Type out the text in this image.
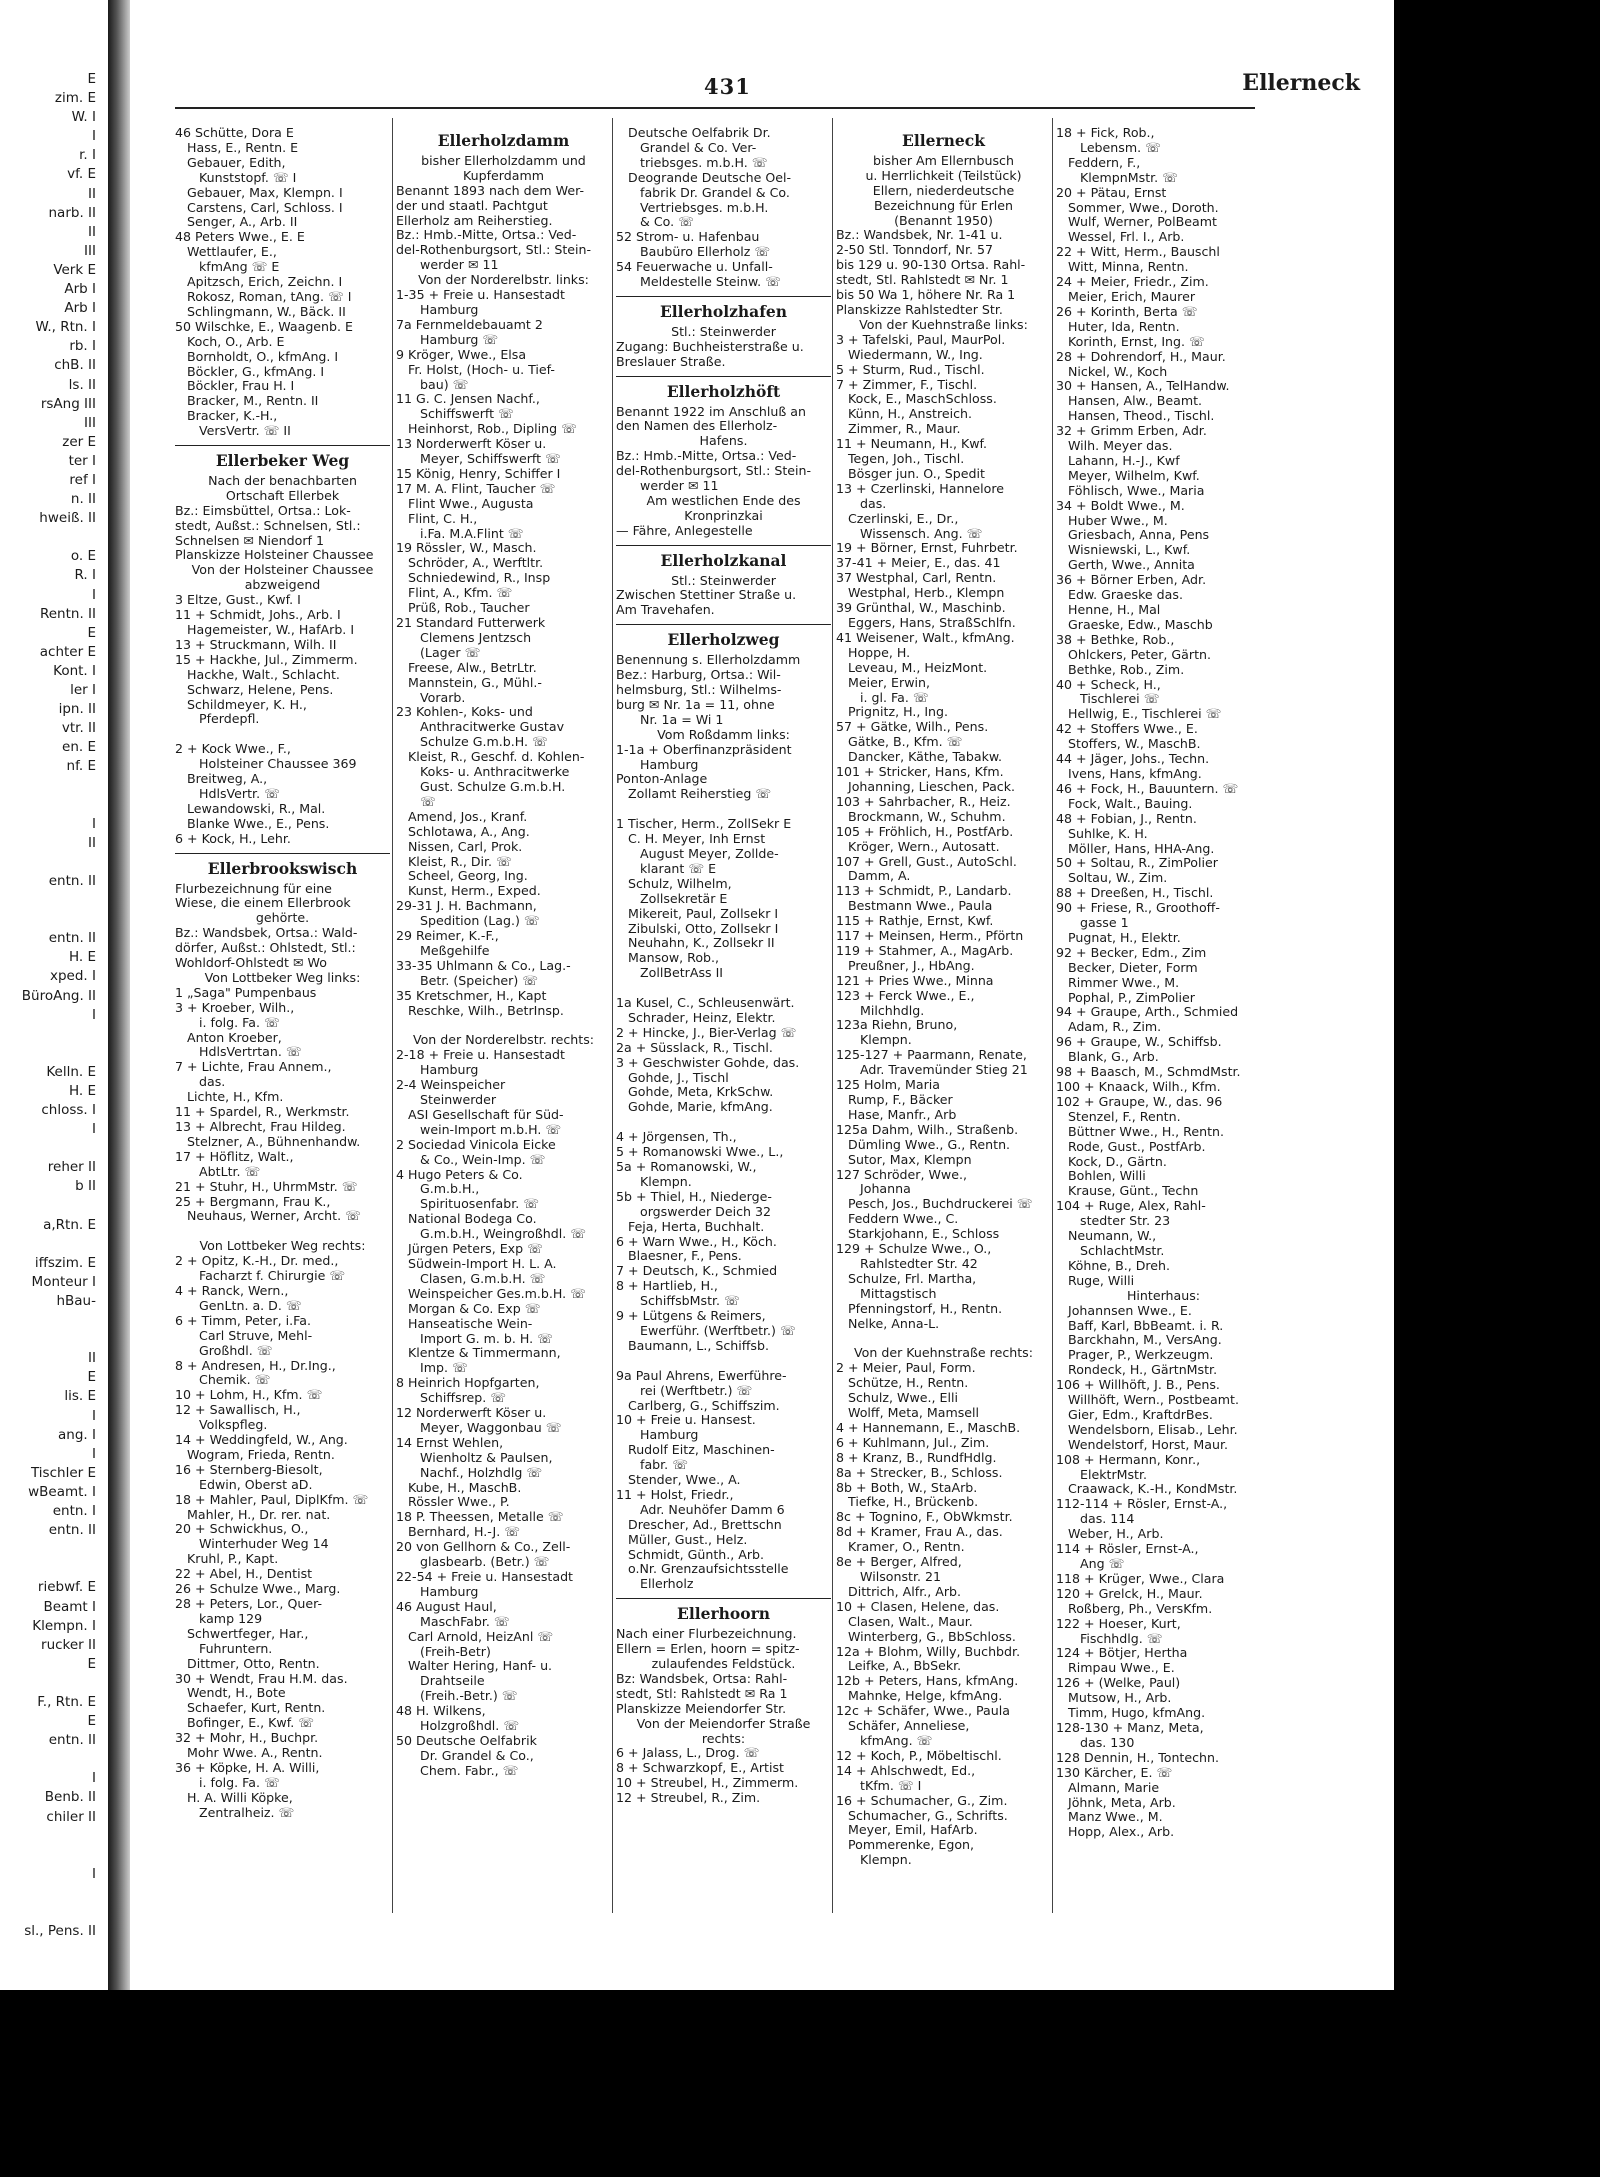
E
zim. E
W. I
I
r. I
vf. E
II
narb. II
II
III
Verk E
Arb I
Arb I
W., Rtn. I
rb. I
chB. II
ls. II
rsAng III
III
zer E
ter I
ref I
n. II
hweiß. II

o. E
R. I
I
Rentn. II
E
achter E
Kont. I
ler I
ipn. II
vtr. II
en. E
nf. E

I
II

entn. II

entn. II
H. E
xped. I
BüroAng. II
I

Kelln. E
H. E
chloss. I
I

reher II
b II

a,Rtn. E

iffszim. E
Monteur I
hBau-

II
E
lis. E
I
ang. I
I
Tischler E
wBeamt. I
entn. I
entn. II

riebwf. E
Beamt I
Klempn. I
rucker II
E

F., Rtn. E
E
entn. II

I
Benb. II
chiler II

I

sl., Pens. II
431	Ellerneck
46 Schütte, Dora E
Hass, E., Rentn. E
Gebauer, Edith,
Kunststopf. ☏ I
Gebauer, Max, Klempn. I
Carstens, Carl, Schloss. I
Senger, A., Arb. II
48 Peters Wwe., E. E
Wettlaufer, E.,
kfmAng ☏ E
Apitzsch, Erich, Zeichn. I
Rokosz, Roman, tAng. ☏ I
Schlingmann, W., Bäck. II
50 Wilschke, E., Waagenb. E
Koch, O., Arb. E
Bornholdt, O., kfmAng. I
Böckler, G., kfmAng. I
Böckler, Frau H. I
Bracker, M., Rentn. II
Bracker, K.-H.,
VersVertr. ☏ II
Ellerbeker Weg
Nach der benachbarten
Ortschaft Ellerbek
Bz.: Eimsbüttel, Ortsa.: Lok-
stedt, Außst.: Schnelsen, Stl.:
Schnelsen ✉ Niendorf 1
Planskizze Holsteiner Chaussee
Von der Holsteiner Chaussee
abzweigend
3 Eltze, Gust., Kwf. I
11 + Schmidt, Johs., Arb. I
Hagemeister, W., HafArb. I
13 + Struckmann, Wilh. II
15 + Hackhe, Jul., Zimmerm.
Hackhe, Walt., Schlacht.
Schwarz, Helene, Pens.
Schildmeyer, K. H.,
Pferdepfl.

2 + Kock Wwe., F.,
Holsteiner Chaussee 369
Breitweg, A.,
HdlsVertr. ☏
Lewandowski, R., Mal.
Blanke Wwe., E., Pens.
6 + Kock, H., Lehr.
Ellerbrookswisch
Flurbezeichnung für eine
Wiese, die einem Ellerbrook
gehörte.
Bz.: Wandsbek, Ortsa.: Wald-
dörfer, Außst.: Ohlstedt, Stl.:
Wohldorf-Ohlstedt ✉ Wo
Von Lottbeker Weg links:
1 „Saga" Pumpenbaus
3 + Kroeber, Wilh.,
i. folg. Fa. ☏
Anton Kroeber,
HdlsVertrtan. ☏
7 + Lichte, Frau Annem.,
das.
Lichte, H., Kfm.
11 + Spardel, R., Werkmstr.
13 + Albrecht, Frau Hildeg.
Stelzner, A., Bühnenhandw.
17 + Höflitz, Walt.,
AbtLtr. ☏
21 + Stuhr, H., UhrmMstr. ☏
25 + Bergmann, Frau K.,
Neuhaus, Werner, Archt. ☏

Von Lottbeker Weg rechts:
2 + Opitz, K.-H., Dr. med.,
Facharzt f. Chirurgie ☏
4 + Ranck, Wern.,
GenLtn. a. D. ☏
6 + Timm, Peter, i.Fa.
Carl Struve, Mehl-
Großhdl. ☏
8 + Andresen, H., Dr.Ing.,
Chemik. ☏
10 + Lohm, H., Kfm. ☏
12 + Sawallisch, H.,
Volkspfleg.
14 + Weddingfeld, W., Ang.
Wogram, Frieda, Rentn.
16 + Sternberg-Biesolt,
Edwin, Oberst aD.
18 + Mahler, Paul, DiplKfm. ☏
Mahler, H., Dr. rer. nat.
20 + Schwickhus, O.,
Winterhuder Weg 14
Kruhl, P., Kapt.
22 + Abel, H., Dentist
26 + Schulze Wwe., Marg.
28 + Peters, Lor., Quer-
kamp 129
Schwertfeger, Har.,
Fuhruntern.
Dittmer, Otto, Rentn.
30 + Wendt, Frau H.M. das.
Wendt, H., Bote
Schaefer, Kurt, Rentn.
Bofinger, E., Kwf. ☏
32 + Mohr, H., Buchpr.
Mohr Wwe. A., Rentn.
36 + Köpke, H. A. Willi,
i. folg. Fa. ☏
H. A. Willi Köpke,
Zentralheiz. ☏
Ellerholzdamm
bisher Ellerholzdamm und
Kupferdamm
Benannt 1893 nach dem Wer-
der und staatl. Pachtgut
Ellerholz am Reiherstieg.
Bz.: Hmb.-Mitte, Ortsa.: Ved-
del-Rothenburgsort, Stl.: Stein-
werder ✉ 11
Von der Norderelbstr. links:
1-35 + Freie u. Hansestadt
Hamburg
7a Fernmeldebauamt 2
Hamburg ☏
9 Kröger, Wwe., Elsa
Fr. Holst, (Hoch- u. Tief-
bau) ☏
11 G. C. Jensen Nachf.,
Schiffswerft ☏
Heinhorst, Rob., Dipling ☏
13 Norderwerft Köser u.
Meyer, Schiffswerft ☏
15 König, Henry, Schiffer I
17 M. A. Flint, Taucher ☏
Flint Wwe., Augusta
Flint, C. H.,
i.Fa. M.A.Flint ☏
19 Rössler, W., Masch.
Schröder, A., Werftltr.
Schniedewind, R., Insp
Flint, A., Kfm. ☏
Prüß, Rob., Taucher
21 Standard Futterwerk
Clemens Jentzsch
(Lager ☏
Freese, Alw., BetrLtr.
Mannstein, G., Mühl.-
Vorarb.
23 Kohlen-, Koks- und
Anthracitwerke Gustav
Schulze G.m.b.H. ☏
Kleist, R., Geschf. d. Kohlen-
Koks- u. Anthracitwerke
Gust. Schulze G.m.b.H.
☏
Amend, Jos., Kranf.
Schlotawa, A., Ang.
Nissen, Carl, Prok.
Kleist, R., Dir. ☏
Scheel, Georg, Ing.
Kunst, Herm., Exped.
29-31 J. H. Bachmann,
Spedition (Lag.) ☏
29 Reimer, K.-F.,
Meßgehilfe
33-35 Uhlmann & Co., Lag.-
Betr. (Speicher) ☏
35 Kretschmer, H., Kapt
Reschke, Wilh., BetrInsp.

Von der Norderelbstr. rechts:
2-18 + Freie u. Hansestadt
Hamburg
2-4 Weinspeicher
Steinwerder
ASI Gesellschaft für Süd-
wein-Import m.b.H. ☏
2 Sociedad Vinicola Eicke
& Co., Wein-Imp. ☏
4 Hugo Peters & Co.
G.m.b.H.,
Spirituosenfabr. ☏
National Bodega Co.
G.m.b.H., Weingroßhdl. ☏
Jürgen Peters, Exp ☏
Südwein-Import H. L. A.
Clasen, G.m.b.H. ☏
Weinspeicher Ges.m.b.H. ☏
Morgan & Co. Exp ☏
Hanseatische Wein-
Import G. m. b. H. ☏
Klentze & Timmermann,
Imp. ☏
8 Heinrich Hopfgarten,
Schiffsrep. ☏
12 Norderwerft Köser u.
Meyer, Waggonbau ☏
14 Ernst Wehlen,
Wienholtz & Paulsen,
Nachf., Holzhdlg ☏
Kube, H., MaschB.
Rössler Wwe., P.
18 P. Theessen, Metalle ☏
Bernhard, H.-J. ☏
20 von Gellhorn & Co., Zell-
glasbearb. (Betr.) ☏
22-54 + Freie u. Hansestadt
Hamburg
46 August Haul,
MaschFabr. ☏
Carl Arnold, HeizAnl ☏
(Freih-Betr)
Walter Hering, Hanf- u.
Drahtseile
(Freih.-Betr.) ☏
48 H. Wilkens,
Holzgroßhdl. ☏
50 Deutsche Oelfabrik
Dr. Grandel & Co.,
Chem. Fabr., ☏
Deutsche Oelfabrik Dr.
Grandel & Co. Ver-
triebsges. m.b.H. ☏
Deogrande Deutsche Oel-
fabrik Dr. Grandel & Co.
Vertriebsges. m.b.H.
& Co. ☏
52 Strom- u. Hafenbau
Baubüro Ellerholz ☏
54 Feuerwache u. Unfall-
Meldestelle Steinw. ☏
Ellerholzhafen
Stl.: Steinwerder
Zugang: Buchheisterstraße u.
Breslauer Straße.
Ellerholzhöft
Benannt 1922 im Anschluß an
den Namen des Ellerholz-
Hafens.
Bz.: Hmb.-Mitte, Ortsa.: Ved-
del-Rothenburgsort, Stl.: Stein-
werder ✉ 11
Am westlichen Ende des
Kronprinzkai
— Fähre, Anlegestelle
Ellerholzkanal
Stl.: Steinwerder
Zwischen Stettiner Straße u.
Am Travehafen.
Ellerholzweg
Benennung s. Ellerholzdamm
Bez.: Harburg, Ortsa.: Wil-
helmsburg, Stl.: Wilhelms-
burg ✉ Nr. 1a = 11, ohne
Nr. 1a = Wi 1
Vom Roßdamm links:
1-1a + Oberfinanzpräsident
Hamburg
Ponton-Anlage
Zollamt Reiherstieg ☏

1 Tischer, Herm., ZollSekr E
C. H. Meyer, Inh Ernst
August Meyer, Zollde-
klarant ☏ E
Schulz, Wilhelm,
Zollsekretär E
Mikereit, Paul, Zollsekr I
Zibulski, Otto, Zollsekr I
Neuhahn, K., Zollsekr II
Mansow, Rob.,
ZollBetrAss II

1a Kusel, C., Schleusenwärt.
Schrader, Heinz, Elektr.
2 + Hincke, J., Bier-Verlag ☏
2a + Süsslack, R., Tischl.
3 + Geschwister Gohde, das.
Gohde, J., Tischl
Gohde, Meta, KrkSchw.
Gohde, Marie, kfmAng.

4 + Jörgensen, Th.,
5 + Romanowski Wwe., L.,
5a + Romanowski, W.,
Klempn.
5b + Thiel, H., Niederge-
orgswerder Deich 32
Feja, Herta, Buchhalt.
6 + Warn Wwe., H., Köch.
Blaesner, F., Pens.
7 + Deutsch, K., Schmied
8 + Hartlieb, H.,
SchiffsbMstr. ☏
9 + Lütgens & Reimers,
Ewerführ. (Werftbetr.) ☏
Baumann, L., Schiffsb.

9a Paul Ahrens, Ewerführe-
rei (Werftbetr.) ☏
Carlberg, G., Schiffszim.
10 + Freie u. Hansest.
Hamburg
Rudolf Eitz, Maschinen-
fabr. ☏
Stender, Wwe., A.
11 + Holst, Friedr.,
Adr. Neuhöfer Damm 6
Drescher, Ad., Brettschn
Müller, Gust., Helz.
Schmidt, Günth., Arb.
o.Nr. Grenzaufsichtsstelle
Ellerholz
Ellerhoorn
Nach einer Flurbezeichnung.
Ellern = Erlen, hoorn = spitz-
zulaufendes Feldstück.
Bz: Wandsbek, Ortsa: Rahl-
stedt, Stl: Rahlstedt ✉ Ra 1
Planskizze Meiendorfer Str.
Von der Meiendorfer Straße
rechts:
6 + Jalass, L., Drog. ☏
8 + Schwarzkopf, E., Artist
10 + Streubel, H., Zimmerm.
12 + Streubel, R., Zim.
Ellerneck
bisher Am Ellernbusch
u. Herrlichkeit (Teilstück)
Ellern, niederdeutsche
Bezeichnung für Erlen
(Benannt 1950)
Bz.: Wandsbek, Nr. 1-41 u.
2-50 Stl. Tonndorf, Nr. 57
bis 129 u. 90-130 Ortsa. Rahl-
stedt, Stl. Rahlstedt ✉ Nr. 1
bis 50 Wa 1, höhere Nr. Ra 1
Planskizze Rahlstedter Str.
Von der Kuehnstraße links:
3 + Tafelski, Paul, MaurPol.
Wiedermann, W., Ing.
5 + Sturm, Rud., Tischl.
7 + Zimmer, F., Tischl.
Kock, E., MaschSchloss.
Künn, H., Anstreich.
Zimmer, R., Maur.
11 + Neumann, H., Kwf.
Tegen, Joh., Tischl.
Bösger jun. O., Spedit
13 + Czerlinski, Hannelore
das.
Czerlinski, E., Dr.,
Wissensch. Ang. ☏
19 + Börner, Ernst, Fuhrbetr.
37-41 + Meier, E., das. 41
37 Westphal, Carl, Rentn.
Westphal, Herb., Klempn
39 Grünthal, W., Maschinb.
Eggers, Hans, StraßSchlfn.
41 Weisener, Walt., kfmAng.
Hoppe, H.
Leveau, M., HeizMont.
Meier, Erwin,
i. gl. Fa. ☏
Prignitz, H., Ing.
57 + Gätke, Wilh., Pens.
Gätke, B., Kfm. ☏
Dancker, Käthe, Tabakw.
101 + Stricker, Hans, Kfm.
Johanning, Lieschen, Pack.
103 + Sahrbacher, R., Heiz.
Brockmann, W., Schuhm.
105 + Fröhlich, H., PostfArb.
Kröger, Wern., Autosatt.
107 + Grell, Gust., AutoSchl.
Damm, A.
113 + Schmidt, P., Landarb.
Bestmann Wwe., Paula
115 + Rathje, Ernst, Kwf.
117 + Meinsen, Herm., Pförtn
119 + Stahmer, A., MagArb.
Preußner, J., HbAng.
121 + Pries Wwe., Minna
123 + Ferck Wwe., E.,
Milchhdlg.
123a Riehn, Bruno,
Klempn.
125-127 + Paarmann, Renate,
Adr. Travemünder Stieg 21
125 Holm, Maria
Rump, F., Bäcker
Hase, Manfr., Arb
125a Dahm, Wilh., Straßenb.
Dümling Wwe., G., Rentn.
Sutor, Max, Klempn
127 Schröder, Wwe.,
Johanna
Pesch, Jos., Buchdruckerei ☏
Feddern Wwe., C.
Starkjohann, E., Schloss
129 + Schulze Wwe., O.,
Rahlstedter Str. 42
Schulze, Frl. Martha,
Mittagstisch
Pfenningstorf, H., Rentn.
Nelke, Anna-L.

Von der Kuehnstraße rechts:
2 + Meier, Paul, Form.
Schütze, H., Rentn.
Schulz, Wwe., Elli
Wolff, Meta, Mamsell
4 + Hannemann, E., MaschB.
6 + Kuhlmann, Jul., Zim.
8 + Kranz, B., RundfHdlg.
8a + Strecker, B., Schloss.
8b + Both, W., StaArb.
Tiefke, H., Brückenb.
8c + Tognino, F., ObWkmstr.
8d + Kramer, Frau A., das.
Kramer, O., Rentn.
8e + Berger, Alfred,
Wilsonstr. 21
Dittrich, Alfr., Arb.
10 + Clasen, Helene, das.
Clasen, Walt., Maur.
Winterberg, G., BbSchloss.
12a + Blohm, Willy, Buchbdr.
Leifke, A., BbSekr.
12b + Peters, Hans, kfmAng.
Mahnke, Helge, kfmAng.
12c + Schäfer, Wwe., Paula
Schäfer, Anneliese,
kfmAng. ☏
12 + Koch, P., Möbeltischl.
14 + Ahlschwedt, Ed.,
tKfm. ☏ I
16 + Schumacher, G., Zim.
Schumacher, G., Schrifts.
Meyer, Emil, HafArb.
Pommerenke, Egon,
Klempn.
18 + Fick, Rob.,
Lebensm. ☏
Feddern, F.,
KlempnMstr. ☏
20 + Pätau, Ernst
Sommer, Wwe., Doroth.
Wulf, Werner, PolBeamt
Wessel, Frl. I., Arb.
22 + Witt, Herm., Bauschl
Witt, Minna, Rentn.
24 + Meier, Friedr., Zim.
Meier, Erich, Maurer
26 + Korinth, Berta ☏
Huter, Ida, Rentn.
Korinth, Ernst, Ing. ☏
28 + Dohrendorf, H., Maur.
Nickel, W., Koch
30 + Hansen, A., TelHandw.
Hansen, Alw., Beamt.
Hansen, Theod., Tischl.
32 + Grimm Erben, Adr.
Wilh. Meyer das.
Lahann, H.-J., Kwf
Meyer, Wilhelm, Kwf.
Föhlisch, Wwe., Maria
34 + Boldt Wwe., M.
Huber Wwe., M.
Griesbach, Anna, Pens
Wisniewski, L., Kwf.
Gerth, Wwe., Annita
36 + Börner Erben, Adr.
Edw. Graeske das.
Henne, H., Mal
Graeske, Edw., Maschb
38 + Bethke, Rob.,
Ohlckers, Peter, Gärtn.
Bethke, Rob., Zim.
40 + Scheck, H.,
Tischlerei ☏
Hellwig, E., Tischlerei ☏
42 + Stoffers Wwe., E.
Stoffers, W., MaschB.
44 + Jäger, Johs., Techn.
Ivens, Hans, kfmAng.
46 + Fock, H., Bauuntern. ☏
Fock, Walt., Bauing.
48 + Fobian, J., Rentn.
Suhlke, K. H.
Möller, Hans, HHA-Ang.
50 + Soltau, R., ZimPolier
Soltau, W., Zim.
88 + Dreeßen, H., Tischl.
90 + Friese, R., Groothoff-
gasse 1
Pugnat, H., Elektr.
92 + Becker, Edm., Zim
Becker, Dieter, Form
Rimmer Wwe., M.
Pophal, P., ZimPolier
94 + Graupe, Arth., Schmied
Adam, R., Zim.
96 + Graupe, W., Schiffsb.
Blank, G., Arb.
98 + Baasch, M., SchmdMstr.
100 + Knaack, Wilh., Kfm.
102 + Graupe, W., das. 96
Stenzel, F., Rentn.
Büttner Wwe., H., Rentn.
Rode, Gust., PostfArb.
Kock, D., Gärtn.
Bohlen, Willi
Krause, Günt., Techn
104 + Ruge, Alex, Rahl-
stedter Str. 23
Neumann, W.,
SchlachtMstr.
Köhne, B., Dreh.
Ruge, Willi
Hinterhaus:
Johannsen Wwe., E.
Baff, Karl, BbBeamt. i. R.
Barckhahn, M., VersAng.
Prager, P., Werkzeugm.
Rondeck, H., GärtnMstr.
106 + Willhöft, J. B., Pens.
Willhöft, Wern., Postbeamt.
Gier, Edm., KraftdrBes.
Wendelsborn, Elisab., Lehr.
Wendelstorf, Horst, Maur.
108 + Hermann, Konr.,
ElektrMstr.
Craawack, K.-H., KondMstr.
112-114 + Rösler, Ernst-A.,
das. 114
Weber, H., Arb.
114 + Rösler, Ernst-A.,
Ang ☏
118 + Krüger, Wwe., Clara
120 + Grelck, H., Maur.
Roßberg, Ph., VersKfm.
122 + Hoeser, Kurt,
Fischhdlg. ☏
124 + Bötjer, Hertha
Rimpau Wwe., E.
126 + (Welke, Paul)
Mutsow, H., Arb.
Timm, Hugo, kfmAng.
128-130 + Manz, Meta,
das. 130
128 Dennin, H., Tontechn.
130 Kärcher, E. ☏
Almann, Marie
Jöhnk, Meta, Arb.
Manz Wwe., M.
Hopp, Alex., Arb.
